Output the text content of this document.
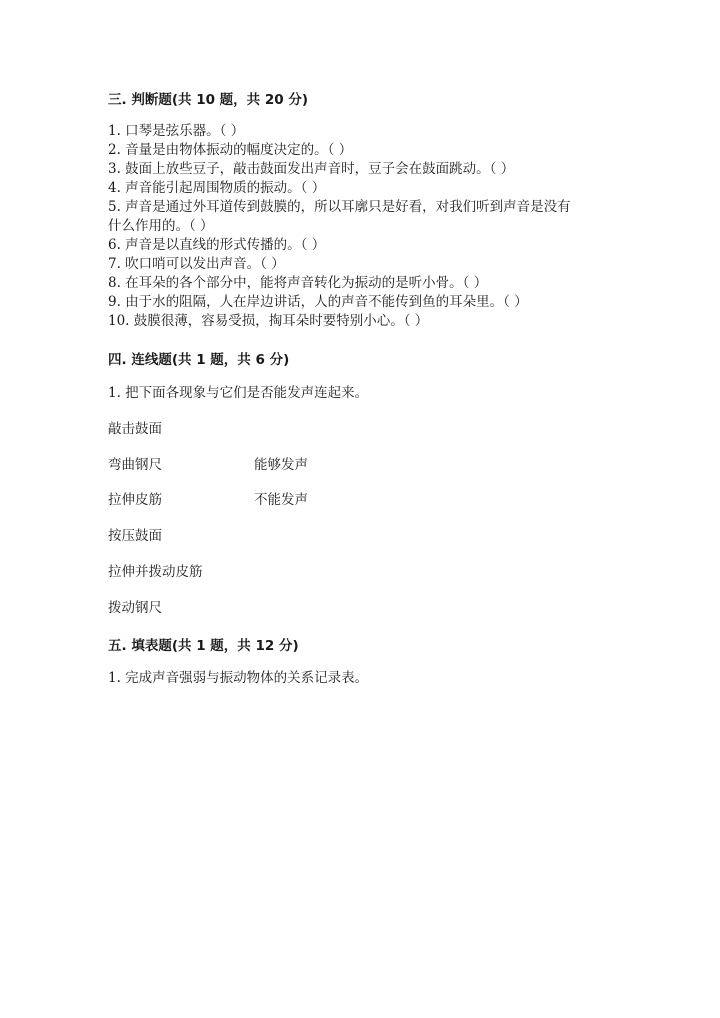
三. 判断题(共 10 题，共 20 分)
1. 口琴是弦乐器。（ ）
2. 音量是由物体振动的幅度决定的。（ ）
3. 鼓面上放些豆子，敲击鼓面发出声音时，豆子会在鼓面跳动。（ ）
4. 声音能引起周围物质的振动。（ ）
5. 声音是通过外耳道传到鼓膜的，所以耳廓只是好看，对我们听到声音是没有
什么作用的。（ ）
6. 声音是以直线的形式传播的。（ ）
7. 吹口哨可以发出声音。（ ）
8. 在耳朵的各个部分中，能将声音转化为振动的是听小骨。（ ）
9. 由于水的阻隔，人在岸边讲话，人的声音不能传到鱼的耳朵里。（ ）
10. 鼓膜很薄，容易受损，掏耳朵时要特别小心。（ ）
四. 连线题(共 1 题，共 6 分)
1. 把下面各现象与它们是否能发声连起来。
敲击鼓面
弯曲钢尺	能够发声
拉伸皮筋	不能发声
按压鼓面
拉伸并拨动皮筋
拨动钢尺
五. 填表题(共 1 题，共 12 分)
1. 完成声音强弱与振动物体的关系记录表。
